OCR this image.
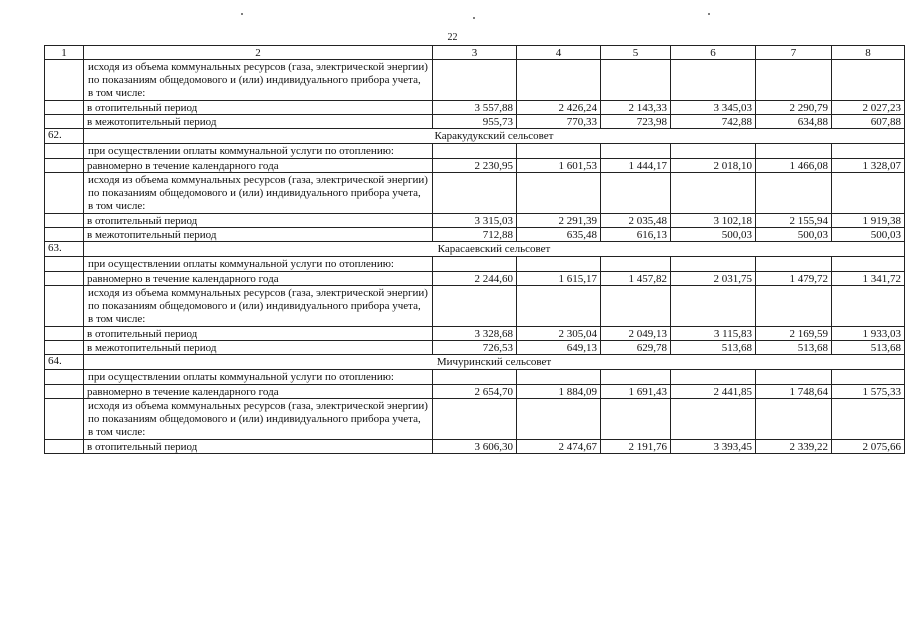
22
1	2	3	4	5	6	7	8
	исходя из объема коммунальных ресурсов (газа, электрической энергии) по показаниям общедомового и (или) индивидуального прибора учета, в том числе:						
	в отопительный период	3 557,88	2 426,24	2 143,33	3 345,03	2 290,79	2 027,23
	в межотопительный период	955,73	770,33	723,98	742,88	634,88	607,88
62.	Каракудукский сельсовет						
	при осуществлении оплаты коммунальной услуги по отоплению:						
	равномерно в течение календарного года	2 230,95	1 601,53	1 444,17	2 018,10	1 466,08	1 328,07
	исходя из объема коммунальных ресурсов (газа, электрической энергии) по показаниям общедомового и (или) индивидуального прибора учета, в том числе:						
	в отопительный период	3 315,03	2 291,39	2 035,48	3 102,18	2 155,94	1 919,38
	в межотопительный период	712,88	635,48	616,13	500,03	500,03	500,03
63.	Карасаевский сельсовет						
	при осуществлении оплаты коммунальной услуги по отоплению:						
	равномерно в течение календарного года	2 244,60	1 615,17	1 457,82	2 031,75	1 479,72	1 341,72
	исходя из объема коммунальных ресурсов (газа, электрической энергии) по показаниям общедомового и (или) индивидуального прибора учета, в том числе:						
	в отопительный период	3 328,68	2 305,04	2 049,13	3 115,83	2 169,59	1 933,03
	в межотопительный период	726,53	649,13	629,78	513,68	513,68	513,68
64.	Мичуринский сельсовет						
	при осуществлении оплаты коммунальной услуги по отоплению:						
	равномерно в течение календарного года	2 654,70	1 884,09	1 691,43	2 441,85	1 748,64	1 575,33
	исходя из объема коммунальных ресурсов (газа, электрической энергии) по показаниям общедомового и (или) индивидуального прибора учета, в том числе:						
	в отопительный период	3 606,30	2 474,67	2 191,76	3 393,45	2 339,22	2 075,66
